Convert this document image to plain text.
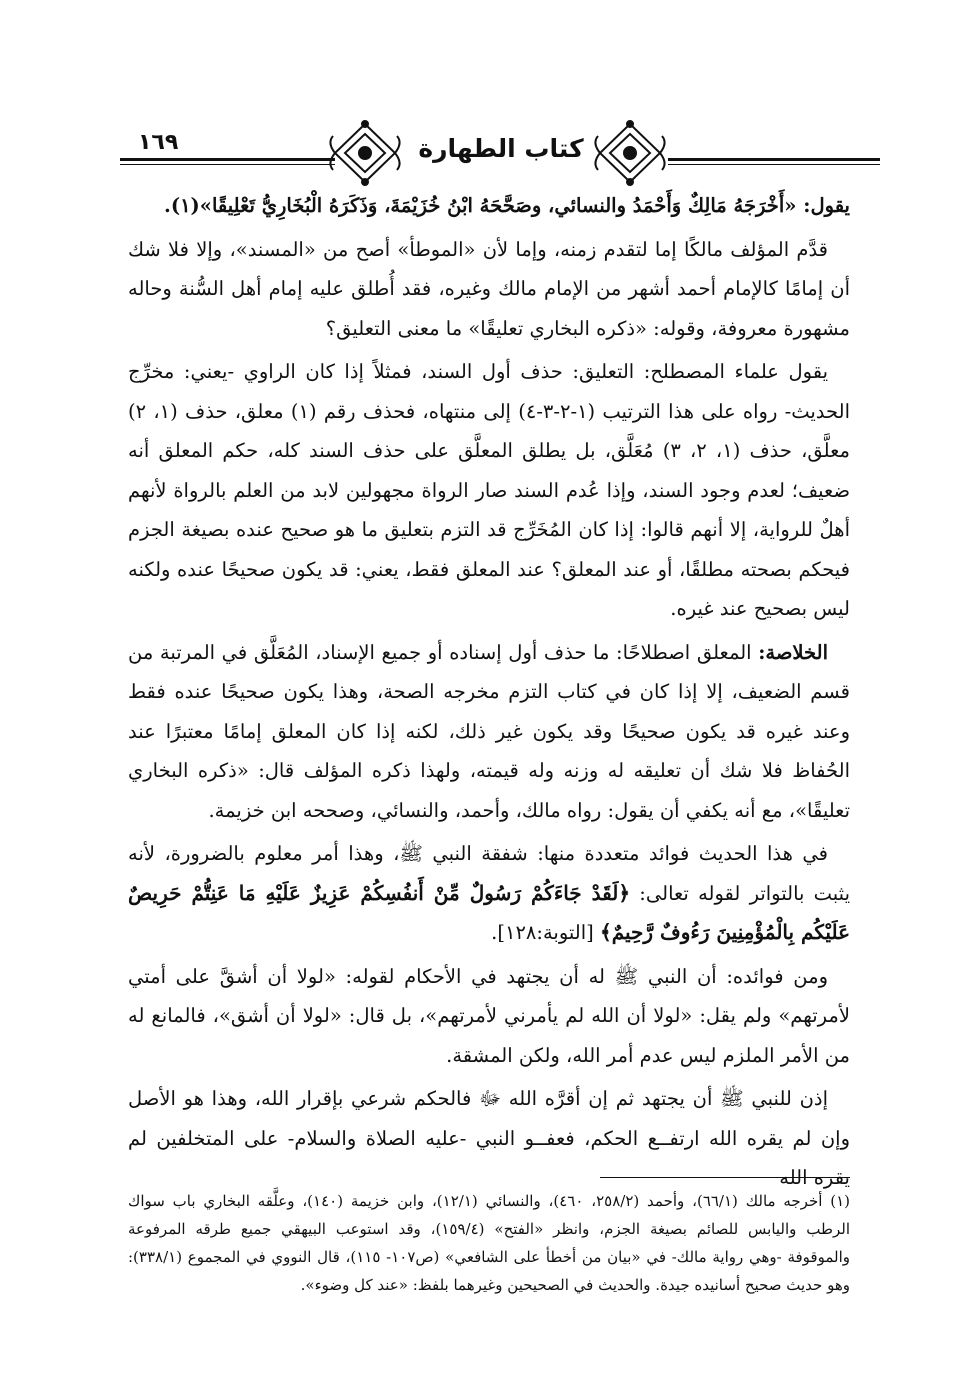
١٦٩	كتاب الطهارة

يقول: «أَخْرَجَهُ مَالِكٌ وَأَحْمَدُ والنسائي، وصَحَّحَهُ ابْنُ خُزَيْمَةَ، وَذَكَرَهُ الْبُخَارِيُّ تَعْلِيقًا»(١).

قدَّم المؤلف مالكًا إما لتقدم زمنه، وإما لأن «الموطأ» أصح من «المسند»، وإلا فلا شك أن إمامًا كالإمام أحمد أشهر من الإمام مالك وغيره، فقد أُطلق عليه إمام أهل السُّنة وحاله مشهورة معروفة، وقوله: «ذكره البخاري تعليقًا» ما معنى التعليق؟

يقول علماء المصطلح: التعليق: حذف أول السند، فمثلاً إذا كان الراوي -يعني: مخرِّج الحديث- رواه على هذا الترتيب (١-٢-٣-٤) إلى منتهاه، فحذف رقم (١) معلق، حذف (١، ٢) معلَّق، حذف (١، ٢، ٣) مُعَلَّق، بل يطلق المعلَّق على حذف السند كله، حكم المعلق أنه ضعيف؛ لعدم وجود السند، وإذا عُدم السند صار الرواة مجهولين لابد من العلم بالرواة لأنهم أهلٌ للرواية، إلا أنهم قالوا: إذا كان المُخَرِّج قد التزم بتعليق ما هو صحيح عنده بصيغة الجزم فيحكم بصحته مطلقًا، أو عند المعلق؟ عند المعلق فقط، يعني: قد يكون صحيحًا عنده ولكنه ليس بصحيح عند غيره.

الخلاصة: المعلق اصطلاحًا: ما حذف أول إسناده أو جميع الإسناد، المُعَلَّق في المرتبة من قسم الضعيف، إلا إذا كان في كتاب التزم مخرجه الصحة، وهذا يكون صحيحًا عنده فقط وعند غيره قد يكون صحيحًا وقد يكون غير ذلك، لكنه إذا كان المعلق إمامًا معتبرًا عند الحُفاظ فلا شك أن تعليقه له وزنه وله قيمته، ولهذا ذكره المؤلف قال: «ذكره البخاري تعليقًا»، مع أنه يكفي أن يقول: رواه مالك، وأحمد، والنسائي، وصححه ابن خزيمة.

في هذا الحديث فوائد متعددة منها: شفقة النبي ﷺ، وهذا أمر معلوم بالضرورة، لأنه يثبت بالتواتر لقوله تعالى: ﴿لَقَدْ جَاءَكُمْ رَسُولٌ مِّنْ أَنفُسِكُمْ عَزِيزٌ عَلَيْهِ مَا عَنِتُّمْ حَرِيصٌ عَلَيْكُم بِالْمُؤْمِنِينَ رَءُوفٌ رَّحِيمٌ﴾ [التوبة:١٢٨].

ومن فوائده: أن النبي ﷺ له أن يجتهد في الأحكام لقوله: «لولا أن أشقَّ على أمتي لأمرتهم» ولم يقل: «لولا أن الله لم يأمرني لأمرتهم»، بل قال: «لولا أن أشق»، فالمانع له من الأمر الملزم ليس عدم أمر الله، ولكن المشقة.

إذن للنبي ﷺ أن يجتهد ثم إن أقرَّه الله ﷻ فالحكم شرعي بإقرار الله، وهذا هو الأصل وإن لم يقره الله ارتفــع الحكم، فعفــو النبي -عليه الصلاة والسلام- على المتخلفين لم يقره الله

(١) أخرجه مالك (٦٦/١)، وأحمد (٢٥٨/٢، ٤٦٠)، والنسائي (١٢/١)، وابن خزيمة (١٤٠)، وعلَّقه البخاري باب سواك الرطب واليابس للصائم بصيغة الجزم، وانظر «الفتح» (١٥٩/٤)، وقد استوعب البيهقي جميع طرقه المرفوعة والموقوفة -وهي رواية مالك- في «بيان من أخطأ على الشافعي» (ص١٠٧- ١١٥)، قال النووي في المجموع (٣٣٨/١): وهو حديث صحيح أسانيده جيدة. والحديث في الصحيحين وغيرهما بلفظ: «عند كل وضوء».
